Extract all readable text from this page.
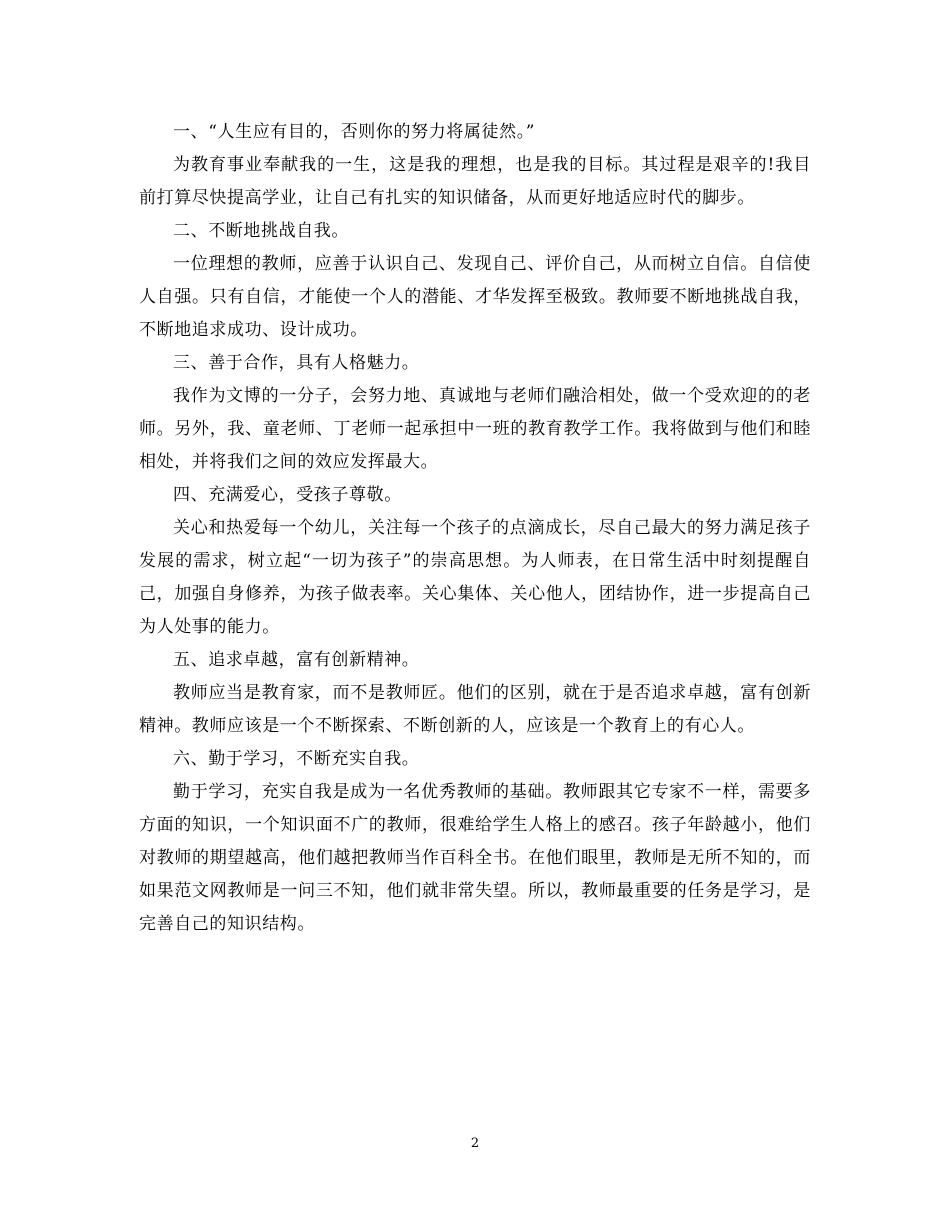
一、“人生应有目的，否则你的努力将属徒然。”

为教育事业奉献我的一生，这是我的理想，也是我的目标。其过程是艰辛的!我目前打算尽快提高学业，让自己有扎实的知识储备，从而更好地适应时代的脚步。

二、不断地挑战自我。

一位理想的教师，应善于认识自己、发现自己、评价自己，从而树立自信。自信使人自强。只有自信，才能使一个人的潜能、才华发挥至极致。教师要不断地挑战自我，不断地追求成功、设计成功。

三、善于合作，具有人格魅力。

我作为文博的一分子，会努力地、真诚地与老师们融洽相处，做一个受欢迎的的老师。另外，我、童老师、丁老师一起承担中一班的教育教学工作。我将做到与他们和睦相处，并将我们之间的效应发挥最大。

四、充满爱心，受孩子尊敬。

关心和热爱每一个幼儿，关注每一个孩子的点滴成长，尽自己最大的努力满足孩子发展的需求，树立起“一切为孩子”的崇高思想。为人师表，在日常生活中时刻提醒自己，加强自身修养，为孩子做表率。关心集体、关心他人，团结协作，进一步提高自己为人处事的能力。

五、追求卓越，富有创新精神。

教师应当是教育家，而不是教师匠。他们的区别，就在于是否追求卓越，富有创新精神。教师应该是一个不断探索、不断创新的人，应该是一个教育上的有心人。

六、勤于学习，不断充实自我。

勤于学习，充实自我是成为一名优秀教师的基础。教师跟其它专家不一样，需要多方面的知识，一个知识面不广的教师，很难给学生人格上的感召。孩子年龄越小，他们对教师的期望越高，他们越把教师当作百科全书。在他们眼里，教师是无所不知的，而如果范文网教师是一问三不知，他们就非常失望。所以，教师最重要的任务是学习，是完善自己的知识结构。

2
